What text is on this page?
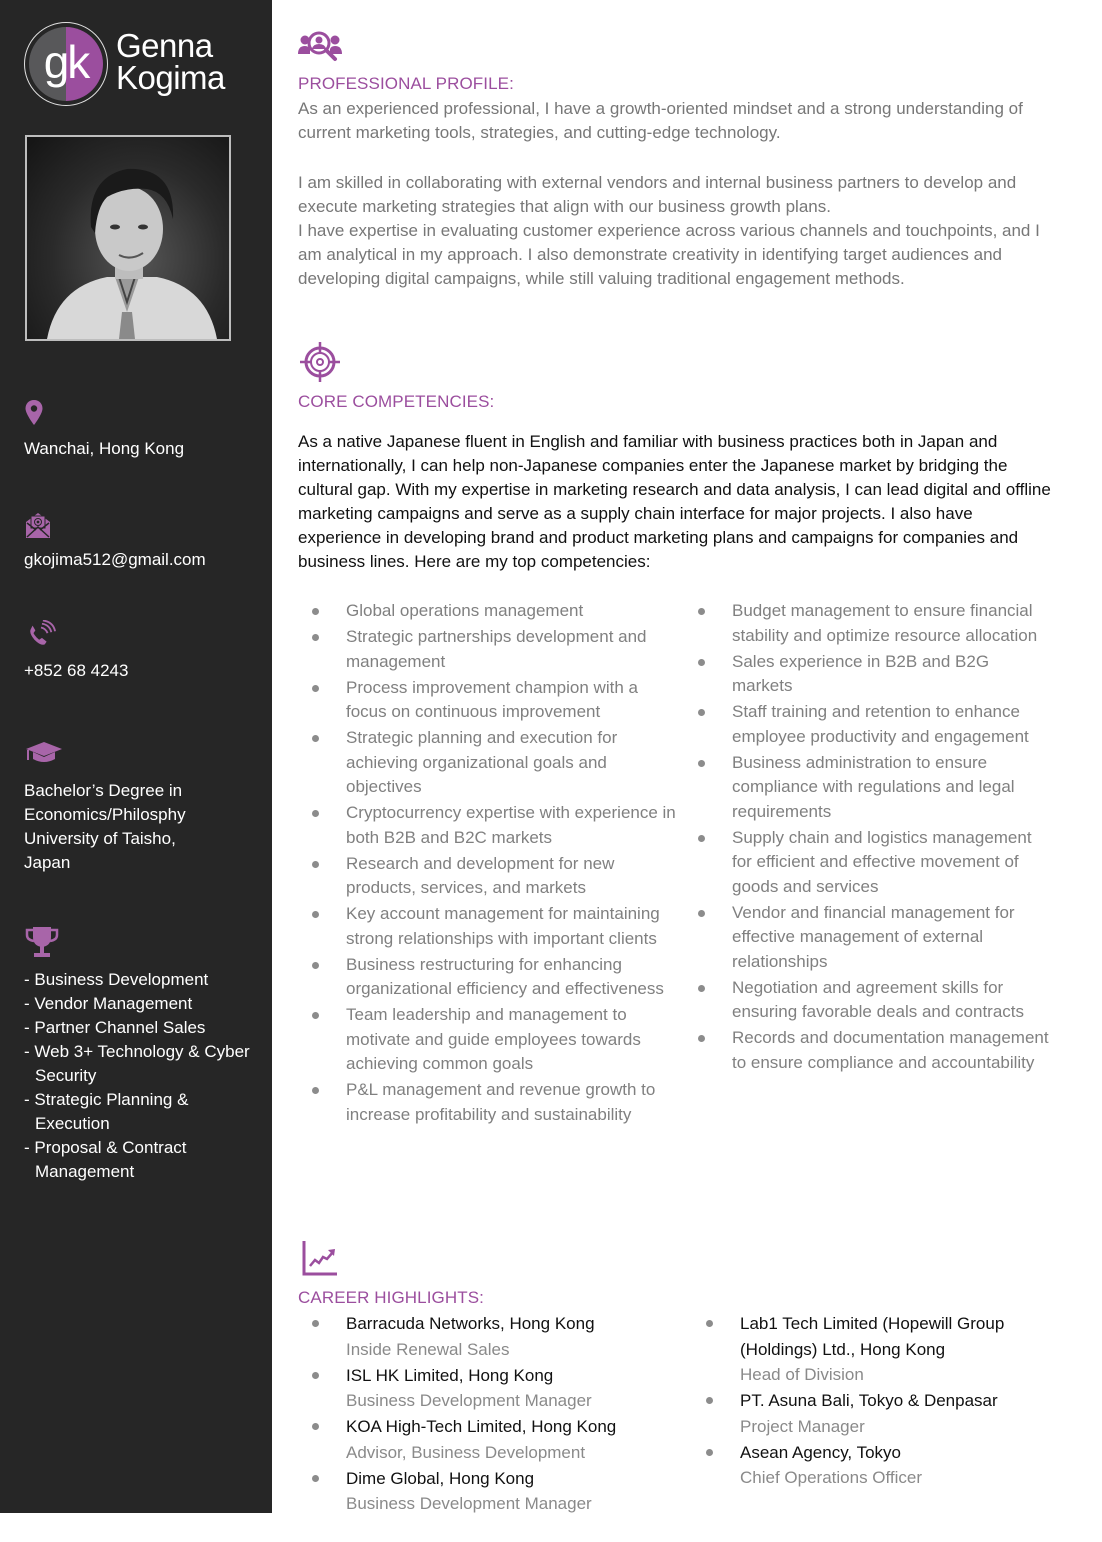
gk Genna
Kogima
Wanchai, Hong Kong
gkojima512@gmail.com
+852 68 4243
Bachelor’s Degree in
Economics/Philosphy
University of Taisho,
Japan
- Business Development
- Vendor Management
- Partner Channel Sales
- Web 3+ Technology & Cyber Security
- Strategic Planning & Execution
- Proposal & Contract Management
PROFESSIONAL PROFILE:

As an experienced professional, I have a growth-oriented mindset and a strong understanding of current marketing tools, strategies, and cutting-edge technology.

I am skilled in collaborating with external vendors and internal business partners to develop and execute marketing strategies that align with our business growth plans.

I have expertise in evaluating customer experience across various channels and touchpoints, and I am analytical in my approach. I also demonstrate creativity in identifying target audiences and developing digital campaigns, while still valuing traditional engagement methods.

CORE COMPETENCIES:

As a native Japanese fluent in English and familiar with business practices both in Japan and internationally, I can help non-Japanese companies enter the Japanese market by bridging the cultural gap. With my expertise in marketing research and data analysis, I can lead digital and offline marketing campaigns and serve as a supply chain interface for major projects. I also have experience in developing brand and product marketing plans and campaigns for companies and business lines. Here are my top competencies:

Global operations management
Strategic partnerships development and management
Process improvement champion with a focus on continuous improvement
Strategic planning and execution for achieving organizational goals and objectives
Cryptocurrency expertise with experience in both B2B and B2C markets
Research and development for new products, services, and markets
Key account management for maintaining strong relationships with important clients
Business restructuring for enhancing organizational efficiency and effectiveness
Team leadership and management to motivate and guide employees towards achieving common goals
P&L management and revenue growth to increase profitability and sustainability
Budget management to ensure financial stability and optimize resource allocation
Sales experience in B2B and B2G markets
Staff training and retention to enhance employee productivity and engagement
Business administration to ensure compliance with regulations and legal requirements
Supply chain and logistics management for efficient and effective movement of goods and services
Vendor and financial management for effective management of external relationships
Negotiation and agreement skills for ensuring favorable deals and contracts
Records and documentation management to ensure compliance and accountability
CAREER HIGHLIGHTS:
Barracuda Networks, Hong Kong
Inside Renewal Sales
ISL HK Limited, Hong Kong
Business Development Manager
KOA High-Tech Limited, Hong Kong
Advisor, Business Development
Dime Global, Hong Kong
Business Development Manager
Lab1 Tech Limited (Hopewill Group (Holdings) Ltd., Hong Kong
Head of Division
PT. Asuna Bali, Tokyo & Denpasar
Project Manager
Asean Agency, Tokyo
Chief Operations Officer
